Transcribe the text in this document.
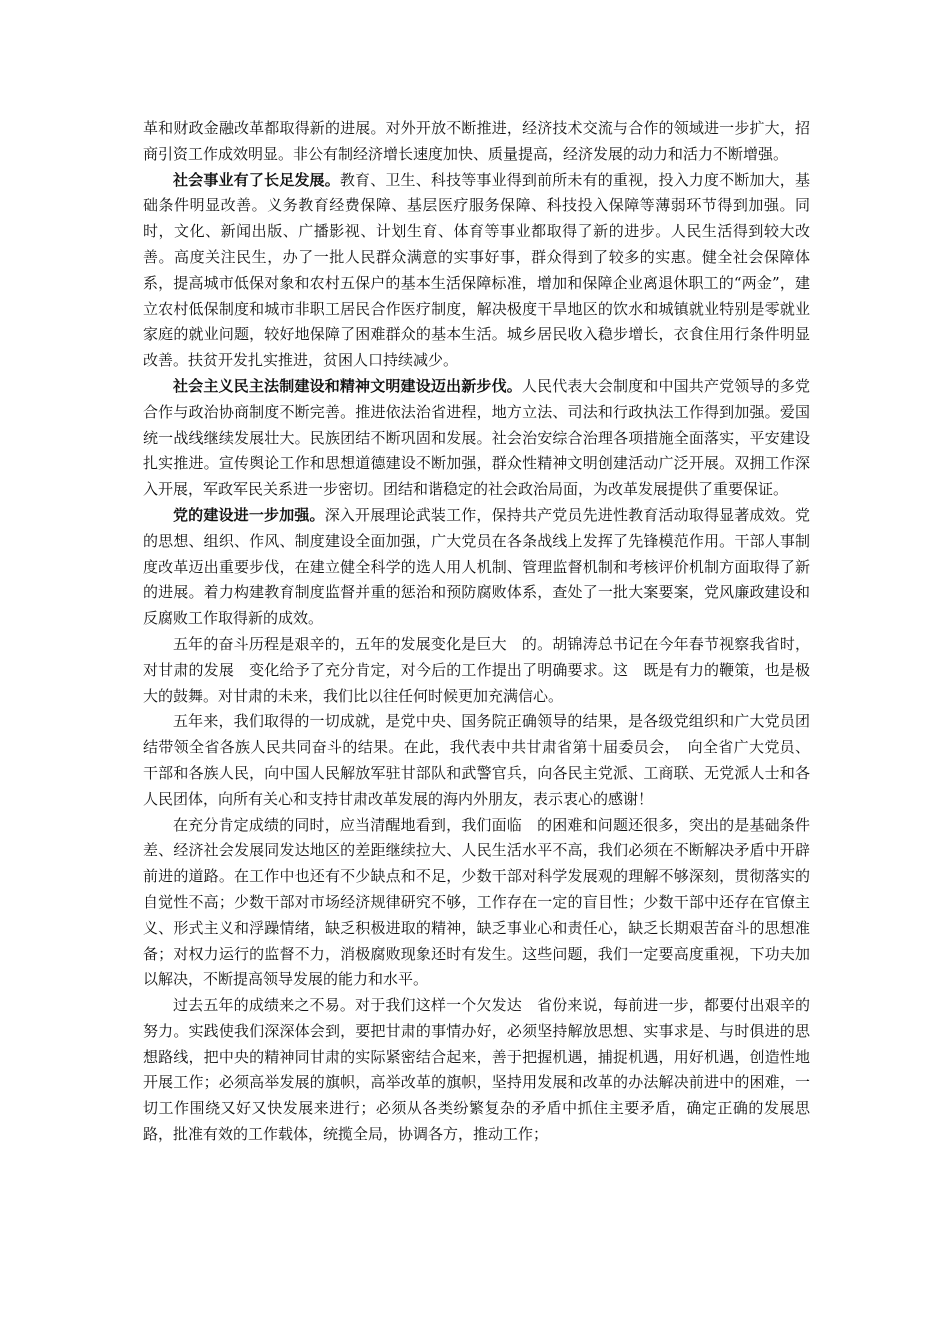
革和财政金融改革都取得新的进展。对外开放不断推进，经济技术交流与合作的领域进一步扩大，招商引资工作成效明显。非公有制经济增长速度加快、质量提高，经济发展的动力和活力不断增强。

社会事业有了长足发展。教育、卫生、科技等事业得到前所未有的重视，投入力度不断加大，基础条件明显改善。义务教育经费保障、基层医疗服务保障、科技投入保障等薄弱环节得到加强。同时，文化、新闻出版、广播影视、计划生育、体育等事业都取得了新的进步。人民生活得到较大改善。高度关注民生，办了一批人民群众满意的实事好事，群众得到了较多的实惠。健全社会保障体系，提高城市低保对象和农村五保户的基本生活保障标准，增加和保障企业离退休职工的“两金”，建立农村低保制度和城市非职工居民合作医疗制度，解决极度干旱地区的饮水和城镇就业特别是零就业家庭的就业问题，较好地保障了困难群众的基本生活。城乡居民收入稳步增长，衣食住用行条件明显改善。扶贫开发扎实推进，贫困人口持续减少。

社会主义民主法制建设和精神文明建设迈出新步伐。人民代表大会制度和中国共产党领导的多党合作与政治协商制度不断完善。推进依法治省进程，地方立法、司法和行政执法工作得到加强。爱国统一战线继续发展壮大。民族团结不断巩固和发展。社会治安综合治理各项措施全面落实，平安建设扎实推进。宣传舆论工作和思想道德建设不断加强，群众性精神文明创建活动广泛开展。双拥工作深入开展，军政军民关系进一步密切。团结和谐稳定的社会政治局面，为改革发展提供了重要保证。

党的建设进一步加强。深入开展理论武装工作，保持共产党员先进性教育活动取得显著成效。党的思想、组织、作风、制度建设全面加强，广大党员在各条战线上发挥了先锋模范作用。干部人事制度改革迈出重要步伐，在建立健全科学的选人用人机制、管理监督机制和考核评价机制方面取得了新的进展。着力构建教育制度监督并重的惩治和预防腐败体系，查处了一批大案要案，党风廉政建设和反腐败工作取得新的成效。

五年的奋斗历程是艰辛的，五年的发展变化是巨大　的。胡锦涛总书记在今年春节视察我省时，对甘肃的发展　变化给予了充分肯定，对今后的工作提出了明确要求。这　既是有力的鞭策，也是极大的鼓舞。对甘肃的未来，我们比以往任何时候更加充满信心。

五年来，我们取得的一切成就，是党中央、国务院正确领导的结果，是各级党组织和广大党员团结带领全省各族人民共同奋斗的结果。在此，我代表中共甘肃省第十届委员会，　向全省广大党员、干部和各族人民，向中国人民解放军驻甘部队和武警官兵，向各民主党派、工商联、无党派人士和各人民团体，向所有关心和支持甘肃改革发展的海内外朋友，表示衷心的感谢！

在充分肯定成绩的同时，应当清醒地看到，我们面临　的困难和问题还很多，突出的是基础条件差、经济社会发展同发达地区的差距继续拉大、人民生活水平不高，我们必须在不断解决矛盾中开辟前进的道路。在工作中也还有不少缺点和不足，少数干部对科学发展观的理解不够深刻，贯彻落实的自觉性不高；少数干部对市场经济规律研究不够，工作存在一定的盲目性；少数干部中还存在官僚主义、形式主义和浮躁情绪，缺乏积极进取的精神，缺乏事业心和责任心，缺乏长期艰苦奋斗的思想准备；对权力运行的监督不力，消极腐败现象还时有发生。这些问题，我们一定要高度重视，下功夫加以解决，不断提高领导发展的能力和水平。

过去五年的成绩来之不易。对于我们这样一个欠发达　省份来说，每前进一步，都要付出艰辛的努力。实践使我们深深体会到，要把甘肃的事情办好，必须坚持解放思想、实事求是、与时俱进的思想路线，把中央的精神同甘肃的实际紧密结合起来，善于把握机遇，捕捉机遇，用好机遇，创造性地开展工作；必须高举发展的旗帜，高举改革的旗帜，坚持用发展和改革的办法解决前进中的困难，一切工作围绕又好又快发展来进行；必须从各类纷繁复杂的矛盾中抓住主要矛盾，确定正确的发展思路，批准有效的工作载体，统揽全局，协调各方，推动工作；
